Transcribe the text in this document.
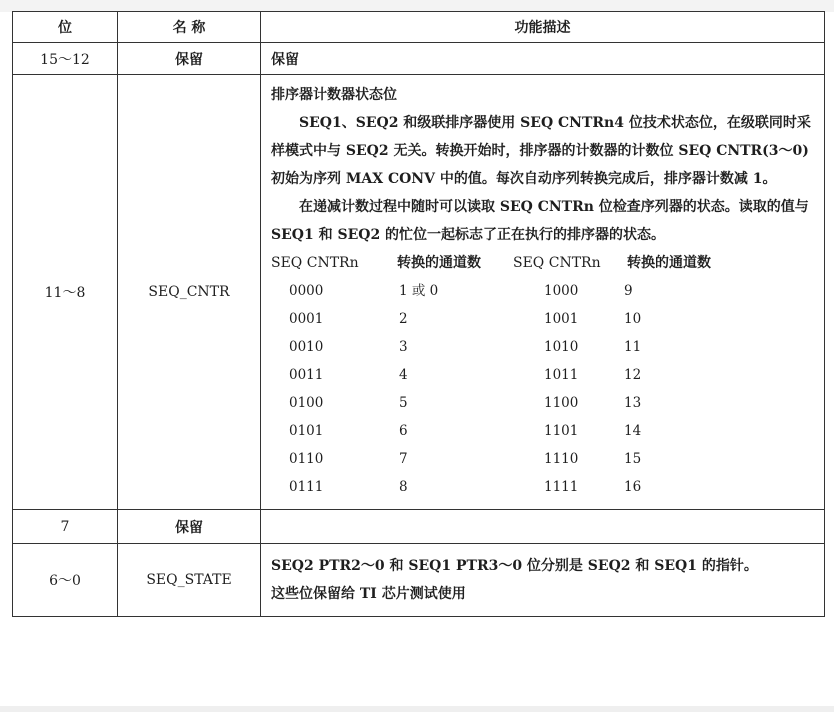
位	名 称	功能描述
15～12	保留	保留
11～8	SEQ_CNTR	
排序器计数器状态位

SEQ1、SEQ2 和级联排序器使用 SEQ CNTRn4 位技术状态位，在级联同时采样模式中与 SEQ2 无关。转换开始时，排序器的计数器的计数位 SEQ CNTR(3～0)初始为序列 MAX CONV 中的值。每次自动序列转换完成后，排序器计数减 1。

在递减计数过程中随时可以读取 SEQ CNTRn 位检查序列器的状态。读取的值与 SEQ1 和 SEQ2 的忙位一起标志了正在执行的排序器的状态。

SEQ CNTRn	转换的通道数	SEQ CNTRn	转换的通道数
0000	1 或 0	1000	9
0001	2	1001	10
0010	3	1010	11
0011	4	1011	12
0100	5	1100	13
0101	6	1101	14
0110	7	1110	15
0111	8	1111	16

7	保留	
6～0	SEQ_STATE	SEQ2 PTR2～0 和 SEQ1 PTR3～0 位分别是 SEQ2 和 SEQ1 的指针。
这些位保留给 TI 芯片测试使用
